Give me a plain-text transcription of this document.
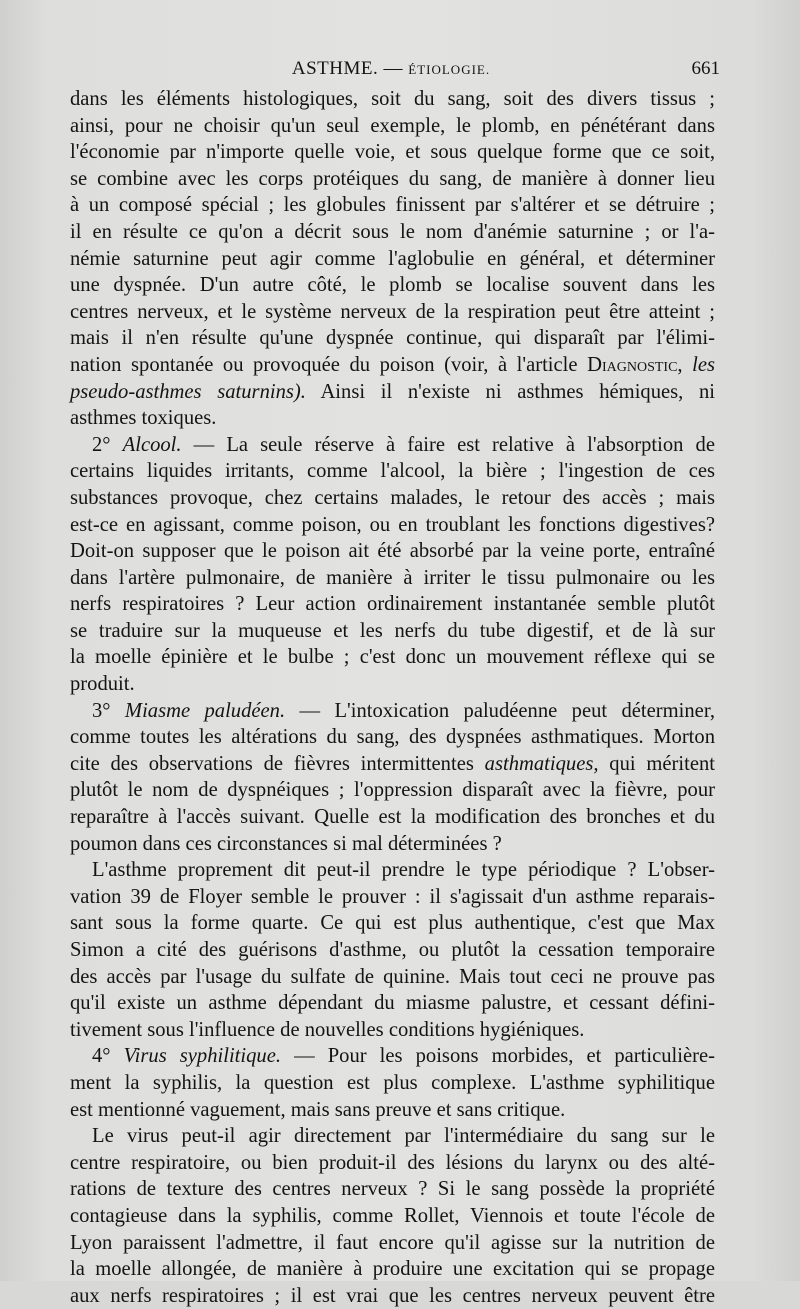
ASTHME. — ÉTIOLOGIE.	661
dans les éléments histologiques, soit du sang, soit des divers tissus ;
ainsi, pour ne choisir qu'un seul exemple, le plomb, en pénétérant dans
l'économie par n'importe quelle voie, et sous quelque forme que ce soit,
se combine avec les corps protéiques du sang, de manière à donner lieu
à un composé spécial ; les globules finissent par s'altérer et se détruire ;
il en résulte ce qu'on a décrit sous le nom d'anémie saturnine ; or l'a-
némie saturnine peut agir comme l'aglobulie en général, et déterminer
une dyspnée. D'un autre côté, le plomb se localise souvent dans les
centres nerveux, et le système nerveux de la respiration peut être atteint ;
mais il n'en résulte qu'une dyspnée continue, qui disparaît par l'élimi-
nation spontanée ou provoquée du poison (voir, à l'article Diagnostic, les
pseudo-asthmes saturnins). Ainsi il n'existe ni asthmes hémiques, ni
asthmes toxiques.
2° Alcool. — La seule réserve à faire est relative à l'absorption de
certains liquides irritants, comme l'alcool, la bière ; l'ingestion de ces
substances provoque, chez certains malades, le retour des accès ; mais
est-ce en agissant, comme poison, ou en troublant les fonctions digestives?
Doit-on supposer que le poison ait été absorbé par la veine porte, entraîné
dans l'artère pulmonaire, de manière à irriter le tissu pulmonaire ou les
nerfs respiratoires ? Leur action ordinairement instantanée semble plutôt
se traduire sur la muqueuse et les nerfs du tube digestif, et de là sur
la moelle épinière et le bulbe ; c'est donc un mouvement réflexe qui se
produit.
3° Miasme paludéen. — L'intoxication paludéenne peut déterminer,
comme toutes les altérations du sang, des dyspnées asthmatiques. Morton
cite des observations de fièvres intermittentes asthmatiques, qui méritent
plutôt le nom de dyspnéiques ; l'oppression disparaît avec la fièvre, pour
reparaître à l'accès suivant. Quelle est la modification des bronches et du
poumon dans ces circonstances si mal déterminées ?
L'asthme proprement dit peut-il prendre le type périodique ? L'obser-
vation 39 de Floyer semble le prouver : il s'agissait d'un asthme reparais-
sant sous la forme quarte. Ce qui est plus authentique, c'est que Max
Simon a cité des guérisons d'asthme, ou plutôt la cessation temporaire
des accès par l'usage du sulfate de quinine. Mais tout ceci ne prouve pas
qu'il existe un asthme dépendant du miasme palustre, et cessant défini-
tivement sous l'influence de nouvelles conditions hygiéniques.
4° Virus syphilitique. — Pour les poisons morbides, et particulière-
ment la syphilis, la question est plus complexe. L'asthme syphilitique
est mentionné vaguement, mais sans preuve et sans critique.
Le virus peut-il agir directement par l'intermédiaire du sang sur le
centre respiratoire, ou bien produit-il des lésions du larynx ou des alté-
rations de texture des centres nerveux ? Si le sang possède la propriété
contagieuse dans la syphilis, comme Rollet, Viennois et toute l'école de
Lyon paraissent l'admettre, il faut encore qu'il agisse sur la nutrition de
la moelle allongée, de manière à produire une excitation qui se propage
aux nerfs respiratoires ; il est vrai que les centres nerveux peuvent être
